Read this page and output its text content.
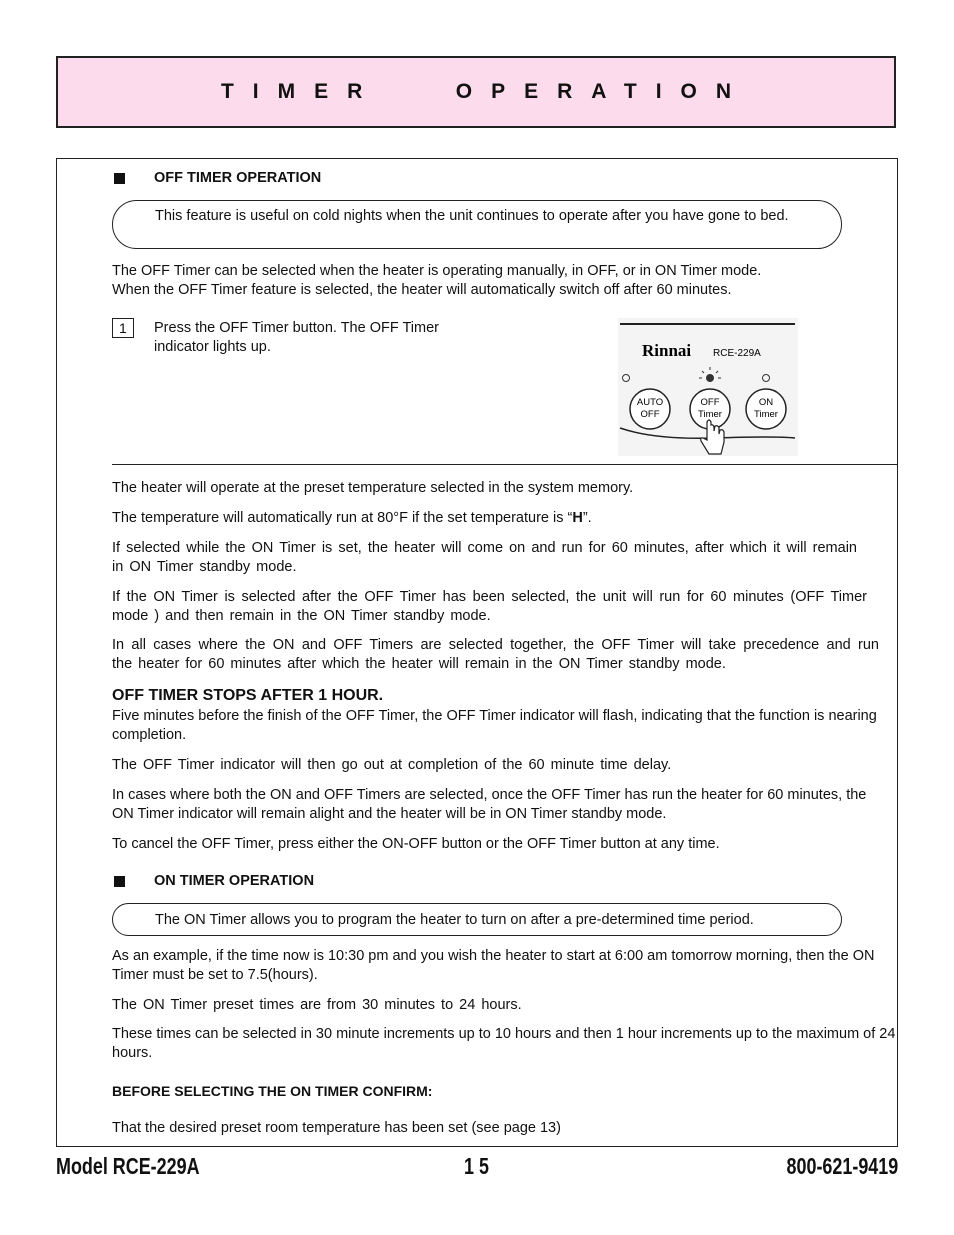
TIMER   OPERATION
OFF TIMER OPERATION

This feature is useful on cold nights when the unit continues to operate after you have gone to bed.

The OFF Timer can be selected when the heater is operating manually, in OFF, or in ON Timer mode.

When the OFF Timer feature is selected, the heater will automatically switch off after 60 minutes.

1	Press the OFF Timer button. The OFF Timer indicator lights up.	Rinnai RCE-229A
AUTO
OFF
OFF
Timer
ON
Timer

The heater will operate at the preset temperature selected in the system memory.

The temperature will automatically run at 80°F if the set temperature is “H”.

If selected while the ON Timer is set, the heater will come on and run for 60 minutes, after which it will remain in ON Timer standby mode.

If the ON Timer is selected after the OFF Timer has been selected, the unit will run for 60 minutes (OFF Timer mode ) and then remain in the ON Timer standby mode.

In all cases where the ON and OFF Timers are selected together, the OFF Timer will take precedence and run the heater for 60 minutes after which the heater will remain in the ON Timer standby mode.

OFF TIMER STOPS AFTER 1 HOUR.

Five minutes before the finish of the OFF Timer, the OFF Timer indicator will flash, indicating that the function is nearing completion.

The OFF Timer indicator will then go out at completion of the 60 minute time delay.

In cases where both the ON and OFF Timers are selected, once the OFF Timer has run the heater for 60 minutes, the ON Timer indicator will remain alight and the heater will be in ON Timer standby mode.

To cancel the OFF Timer, press either the ON-OFF button or the OFF Timer button at any time.

ON TIMER OPERATION

The ON Timer allows you to program the heater to turn on after a pre-determined time period.

As an example, if the time now is 10:30 pm and you wish the heater to start at 6:00 am tomorrow morning, then the ON Timer must be set to 7.5(hours).

The ON Timer preset times are from 30 minutes to 24 hours.

These times can be selected in 30 minute increments up to 10 hours and then 1 hour increments up to the maximum of 24 hours.

BEFORE SELECTING THE ON TIMER CONFIRM:

That the desired preset room temperature has been set (see page 13)

Model RCE-229A	1 5	800-621-9419
